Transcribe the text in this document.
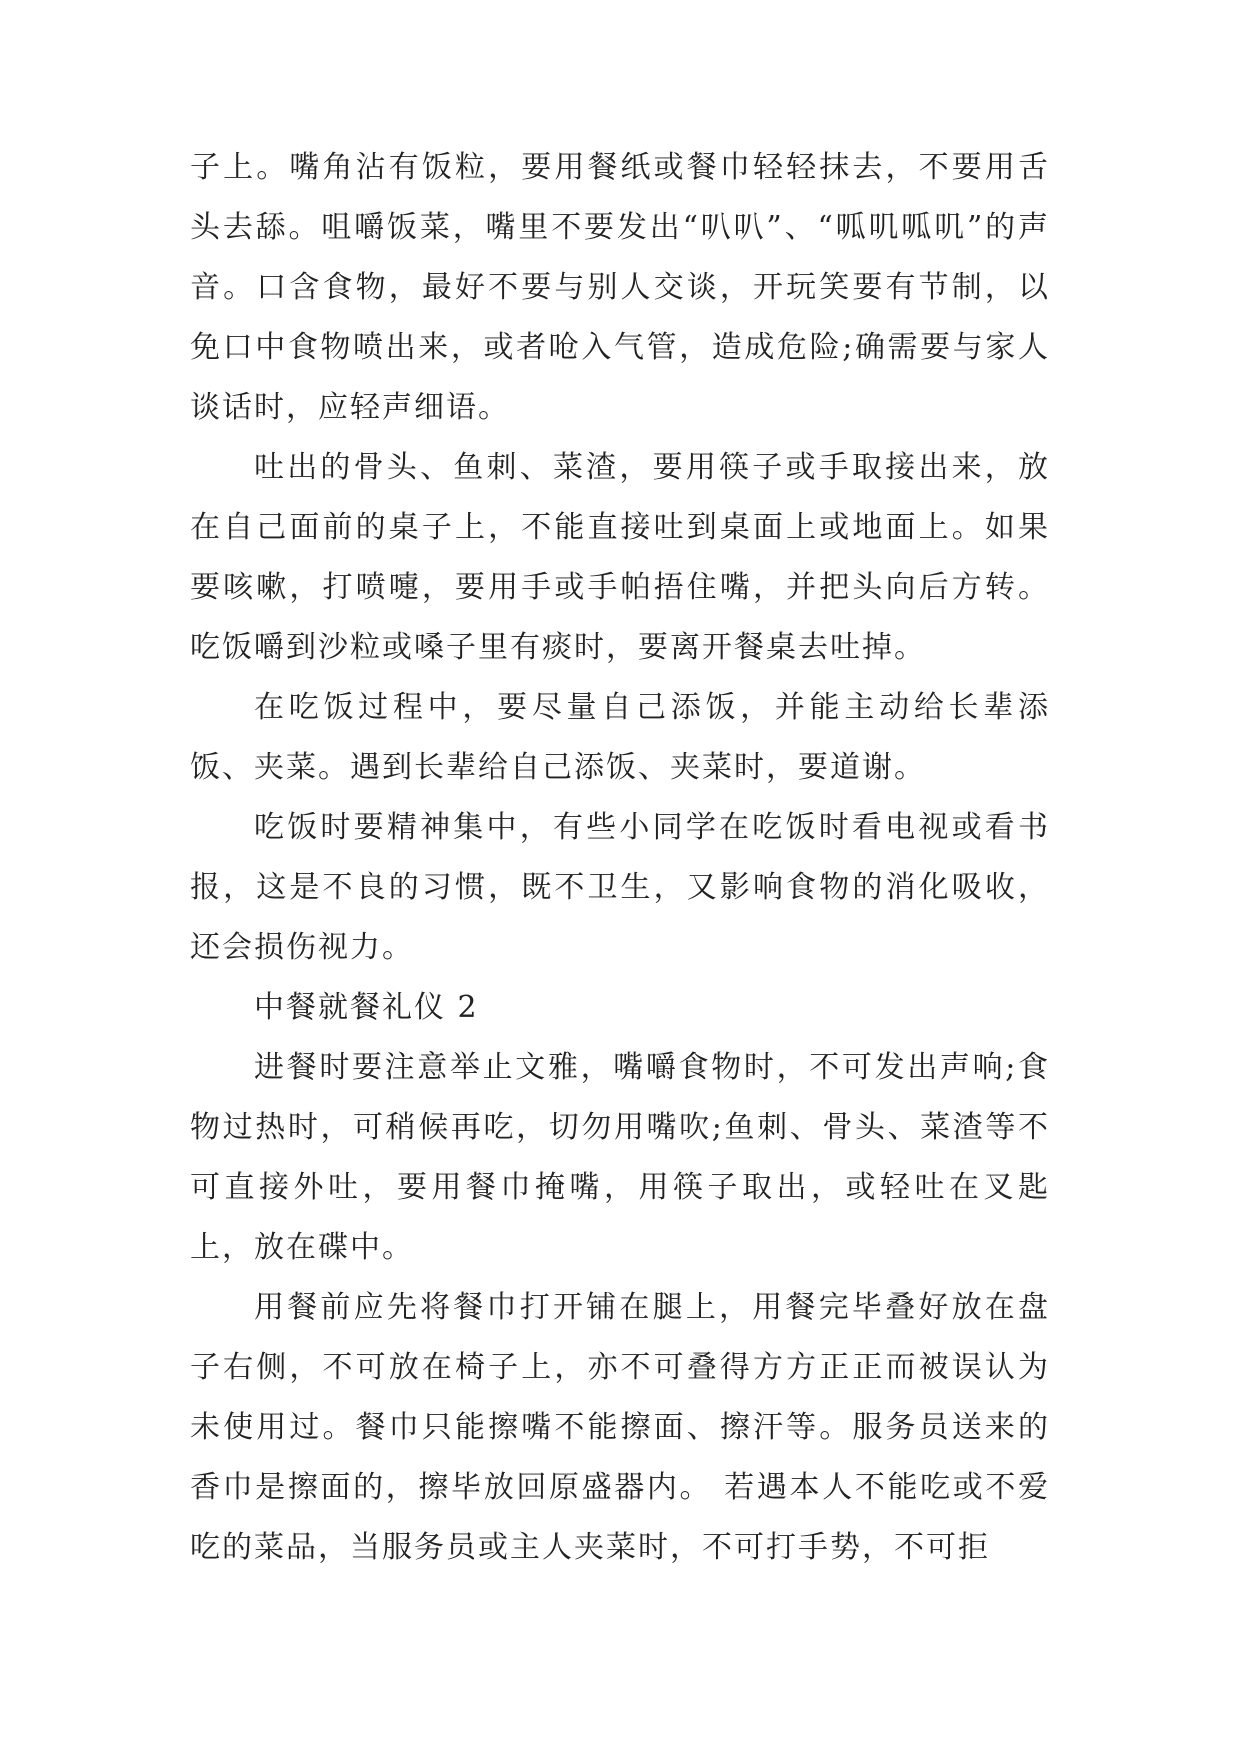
子上。嘴角沾有饭粒，要用餐纸或餐巾轻轻抹去，不要用舌头去舔。咀嚼饭菜，嘴里不要发出“叭叭”、“呱叽呱叽”的声音。口含食物，最好不要与别人交谈，开玩笑要有节制，以免口中食物喷出来，或者呛入气管，造成危险;确需要与家人谈话时，应轻声细语。

吐出的骨头、鱼刺、菜渣，要用筷子或手取接出来，放在自己面前的桌子上，不能直接吐到桌面上或地面上。如果要咳嗽，打喷嚏，要用手或手帕捂住嘴，并把头向后方转。吃饭嚼到沙粒或嗓子里有痰时，要离开餐桌去吐掉。

在吃饭过程中，要尽量自己添饭，并能主动给长辈添饭、夹菜。遇到长辈给自己添饭、夹菜时，要道谢。

吃饭时要精神集中，有些小同学在吃饭时看电视或看书报，这是不良的习惯，既不卫生，又影响食物的消化吸收，还会损伤视力。

中餐就餐礼仪 2

进餐时要注意举止文雅，嘴嚼食物时，不可发出声响;食物过热时，可稍候再吃，切勿用嘴吹;鱼刺、骨头、菜渣等不可直接外吐，要用餐巾掩嘴，用筷子取出，或轻吐在叉匙上，放在碟中。

用餐前应先将餐巾打开铺在腿上，用餐完毕叠好放在盘子右侧，不可放在椅子上，亦不可叠得方方正正而被误认为未使用过。餐巾只能擦嘴不能擦面、擦汗等。服务员送来的香巾是擦面的，擦毕放回原盛器内。 若遇本人不能吃或不爱吃的菜品，当服务员或主人夹菜时，不可打手势，不可拒
